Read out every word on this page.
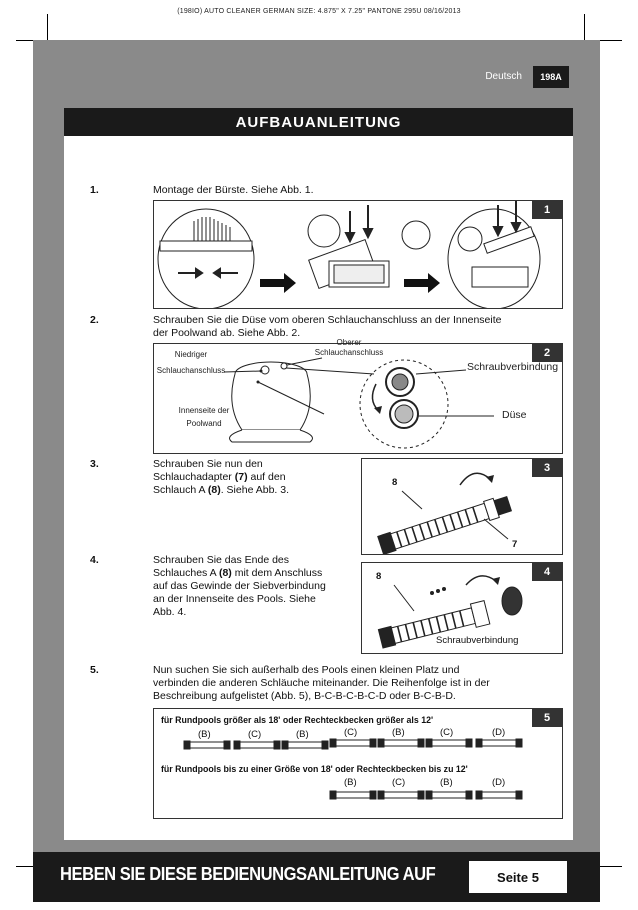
(198IO) AUTO CLEANER GERMAN SIZE: 4.875" X 7.25" PANTONE 295U 08/16/2013
Deutsch	198A
AUFBAUANLEITUNG
1.	Montage der Bürste. Siehe Abb. 1.
1
2.	Schrauben Sie die Düse vom oberen Schlauchanschluss an der Innenseite
der Poolwand ab. Siehe Abb. 2.
2
Niedriger
Schlauchanschluss
Oberer
Schlauchanschluss
Innenseite der
Poolwand
Schraubverbindung
Düse
3.	Schrauben Sie nun den
Schlauchadapter (7) auf den
Schlauch A (8). Siehe Abb. 3.
3
8
7
4.	Schrauben Sie das Ende des
Schlauches A (8) mit dem Anschluss
auf das Gewinde der Siebverbindung
an der Innenseite des Pools. Siehe
Abb. 4.
4
8
Schraubverbindung
5.	Nun suchen Sie sich außerhalb des Pools einen kleinen Platz und
verbinden die anderen Schläuche miteinander. Die Reihenfolge ist in der
Beschreibung aufgelistet (Abb. 5), B-C-B-C-B-C-D oder B-C-B-D.
5
für Rundpools größer als 18' oder Rechteckbecken größer als 12'
(B)	(C)	(B)	(C)	(B)	(C)	(D)
für Rundpools bis zu einer Größe von 18' oder Rechteckbecken bis zu 12'
(B)	(C)	(B)	(D)
HEBEN SIE DIESE BEDIENUNGSANLEITUNG AUF	Seite 5
